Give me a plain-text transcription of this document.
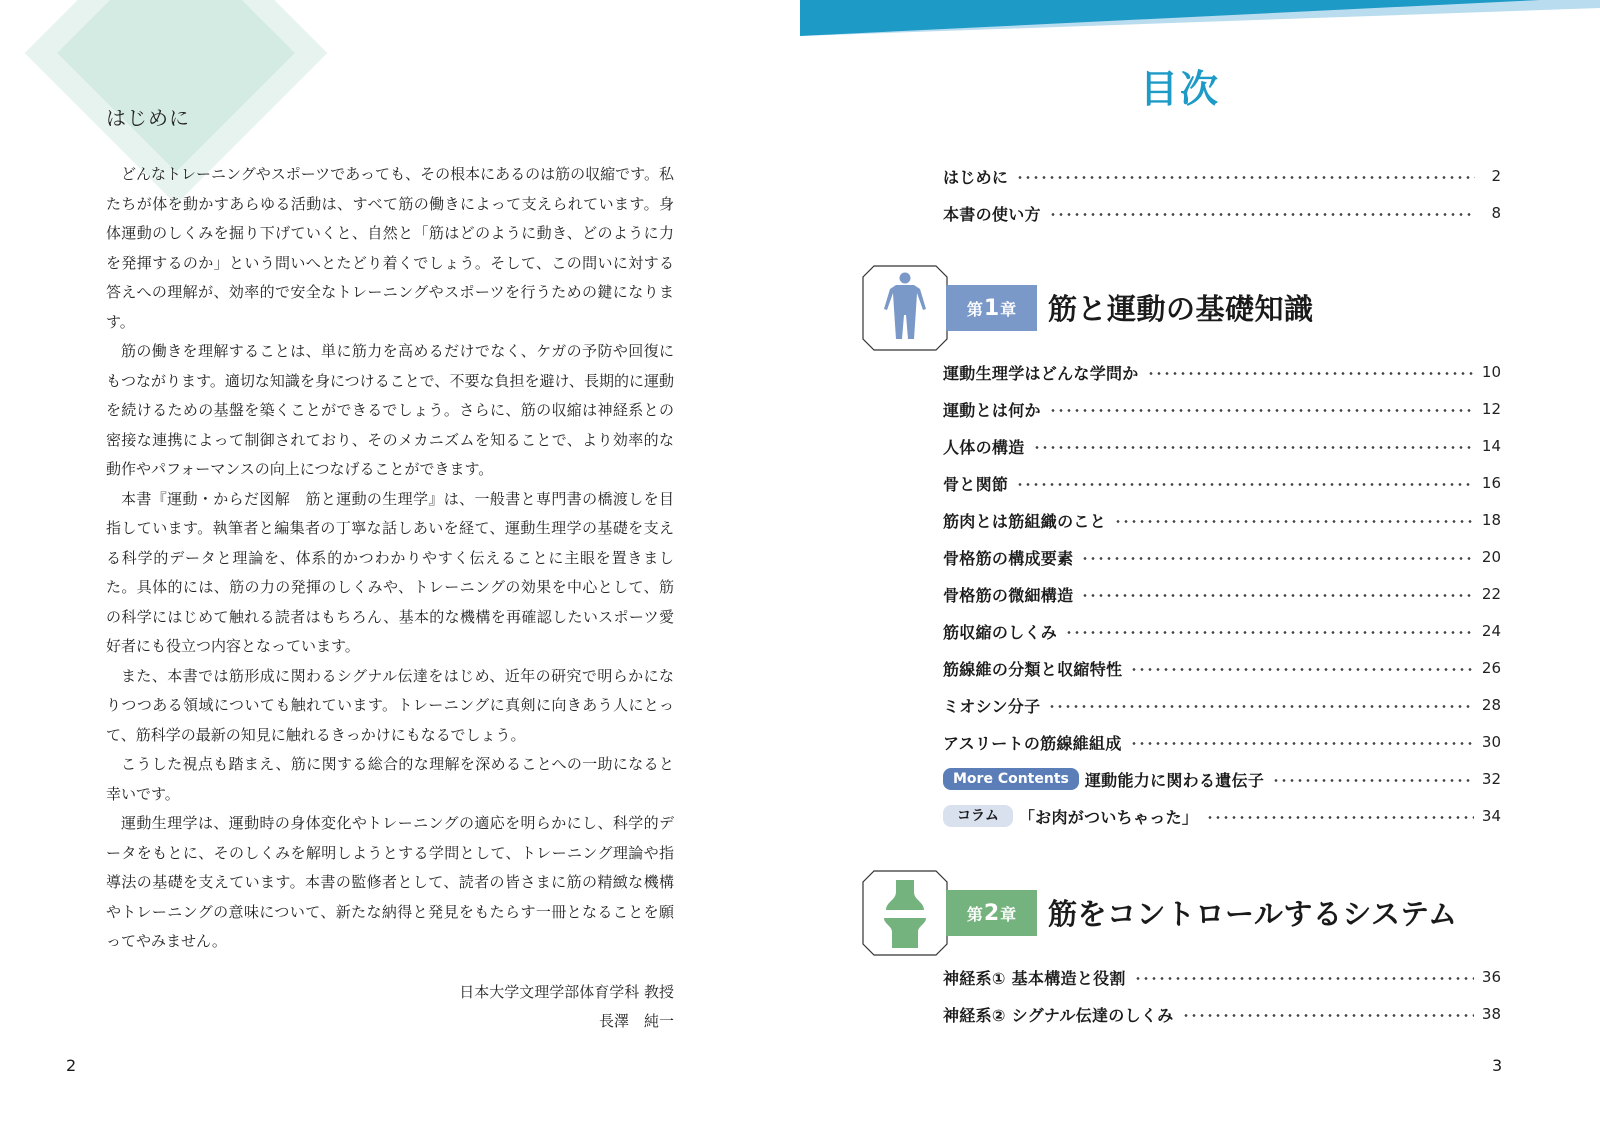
はじめに

どんなトレーニングやスポーツであっても、その根本にあるのは筋の収縮です。私たちが体を動かすあらゆる活動は、すべて筋の働きによって支えられています。身体運動のしくみを掘り下げていくと、自然と「筋はどのように動き、どのように力を発揮するのか」という問いへとたどり着くでしょう。そして、この問いに対する答えへの理解が、効率的で安全なトレーニングやスポーツを行うための鍵になります。

筋の働きを理解することは、単に筋力を高めるだけでなく、ケガの予防や回復にもつながります。適切な知識を身につけることで、不要な負担を避け、長期的に運動を続けるための基盤を築くことができるでしょう。さらに、筋の収縮は神経系との密接な連携によって制御されており、そのメカニズムを知ることで、より効率的な動作やパフォーマンスの向上につなげることができます。

本書『運動・からだ図解　筋と運動の生理学』は、一般書と専門書の橋渡しを目指しています。執筆者と編集者の丁寧な話しあいを経て、運動生理学の基礎を支える科学的データと理論を、体系的かつわかりやすく伝えることに主眼を置きました。具体的には、筋の力の発揮のしくみや、トレーニングの効果を中心として、筋の科学にはじめて触れる読者はもちろん、基本的な機構を再確認したいスポーツ愛好者にも役立つ内容となっています。

また、本書では筋形成に関わるシグナル伝達をはじめ、近年の研究で明らかになりつつある領域についても触れています。トレーニングに真剣に向きあう人にとって、筋科学の最新の知見に触れるきっかけにもなるでしょう。

こうした視点も踏まえ、筋に関する総合的な理解を深めることへの一助になると幸いです。

運動生理学は、運動時の身体変化やトレーニングの適応を明らかにし、科学的データをもとに、そのしくみを解明しようとする学問として、トレーニング理論や指導法の基礎を支えています。本書の監修者として、読者の皆さまに筋の精緻な機構やトレーニングの意味について、新たな納得と発見をもたらす一冊となることを願ってやみません。

日本大学文理学部体育学科 教授
長澤　純一
2
目次
はじめに	2
本書の使い方	8
第 1 章 筋と運動の基礎知識
運動生理学はどんな学問か	10
運動とは何か	12
人体の構造	14
骨と関節	16
筋肉とは筋組織のこと	18
骨格筋の構成要素	20
骨格筋の微細構造	22
筋収縮のしくみ	24
筋線維の分類と収縮特性	26
ミオシン分子	28
アスリートの筋線維組成	30
More Contents	運動能力に関わる遺伝子	32
コラム	「お肉がついちゃった」	34
第 2 章 筋をコントロールするシステム
神経系① 基本構造と役割	36
神経系② シグナル伝達のしくみ	38
3
